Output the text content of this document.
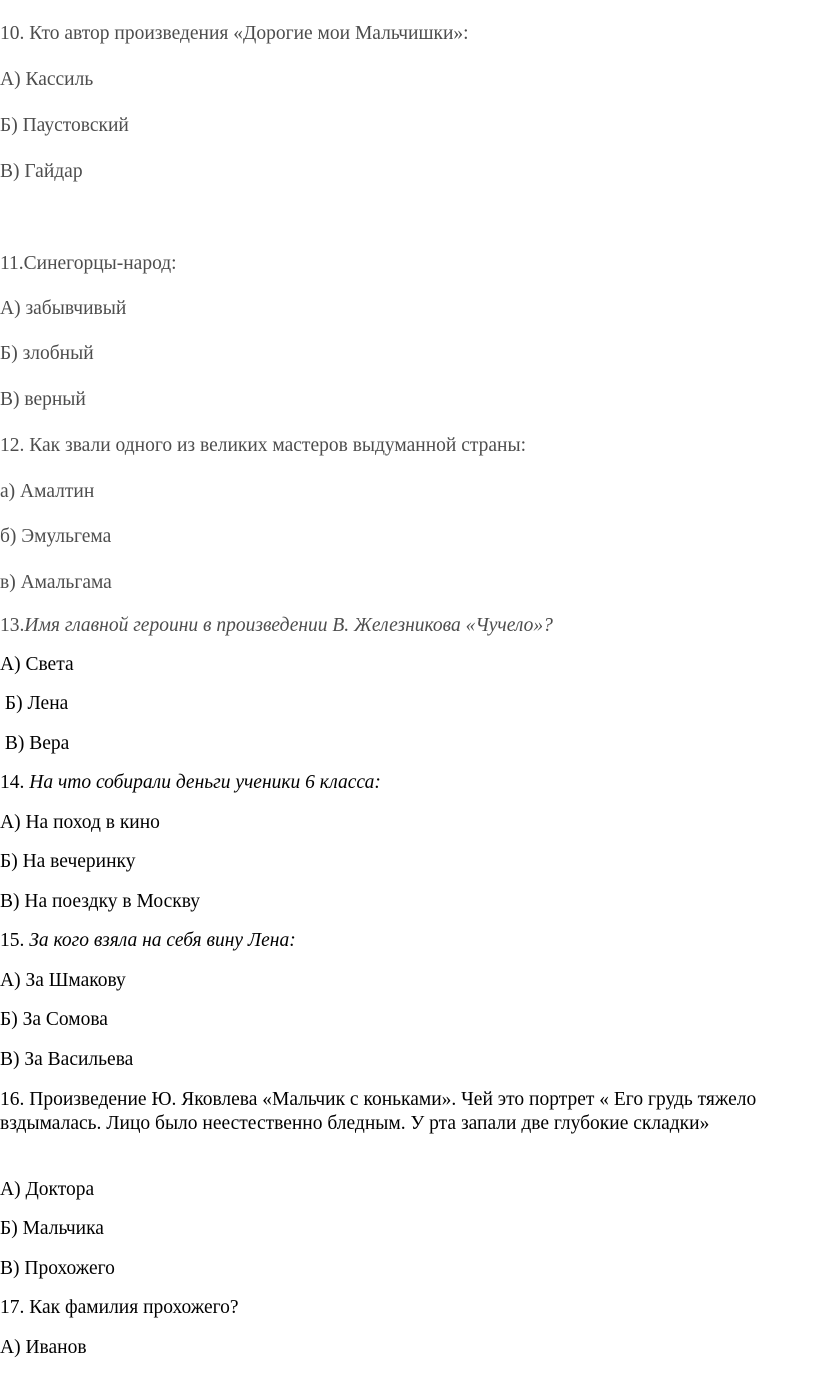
10. Кто автор произведения «Дорогие мои Мальчишки»:
А) Кассиль
Б) Паустовский
В) Гайдар
11.Синегорцы-народ:
А) забывчивый
Б) злобный
В) верный
12. Как звали одного из великих мастеров выдуманной страны:
а) Амалтин
б) Эмульгема
в) Амальгама
13.Имя главной героини в произведении В. Железникова «Чучело»?
А) Света
Б) Лена
В) Вера
14. На что собирали деньги ученики 6 класса:
А) На поход в кино
Б) На вечеринку
В) На поездку в Москву
15. За кого взяла на себя вину Лена:
А) За Шмакову
Б) За Сомова
В) За Васильева
16. Произведение Ю. Яковлева «Мальчик с коньками». Чей это портрет « Его грудь тяжело вздымалась. Лицо было неестественно бледным. У рта запали две глубокие складки»
А) Доктора
Б) Мальчика
В) Прохожего
17. Как фамилия прохожего?
А) Иванов
